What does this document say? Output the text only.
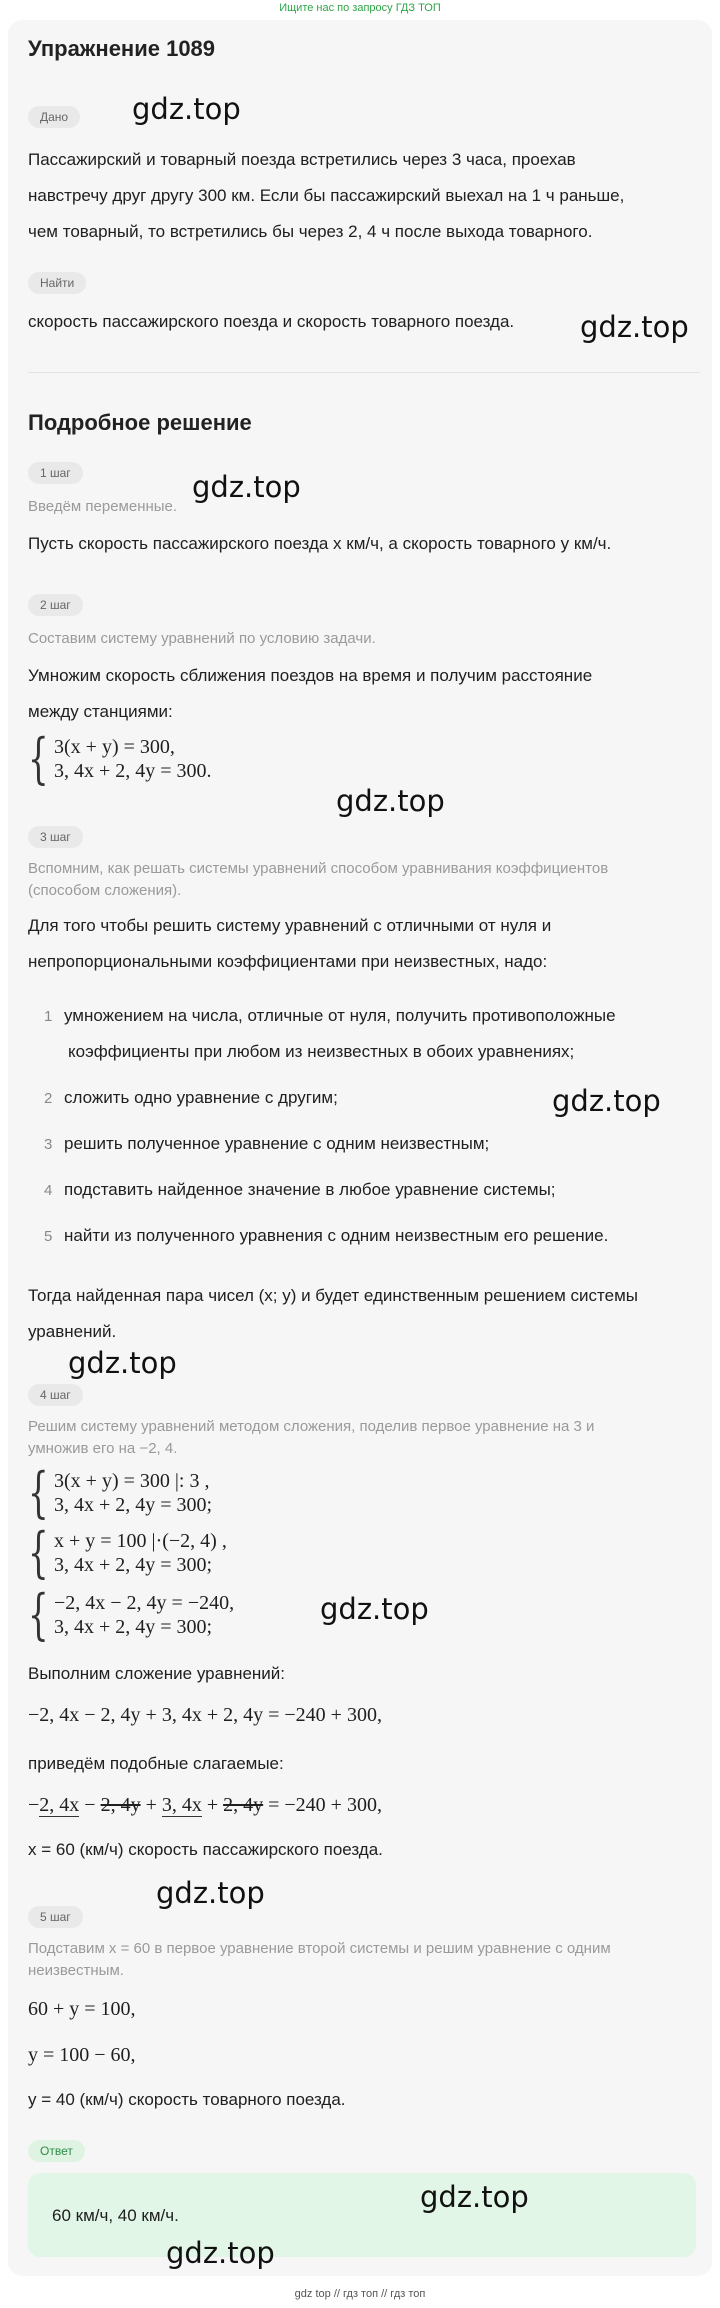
Ищите нас по запросу ГДЗ ТОП
Упражнение 1089
Дано	gdz.top
Пассажирский и товарный поезда встретились через 3 часа, проехав
навстречу друг другу 300 км. Если бы пассажирский выехал на 1 ч раньше,
чем товарный, то встретились бы через 2, 4 ч после выхода товарного.
Найти
скорость пассажирского поезда и скорость товарного поезда.	gdz.top
Подробное решение
1 шаг	gdz.top
Введём переменные.
Пусть скорость пассажирского поезда x км/ч, а скорость товарного y км/ч.
2 шаг
Составим систему уравнений по условию задачи.
Умножим скорость сближения поездов на время и получим расстояние
между станциями:
{ 3(x + y) = 300,
3, 4x + 2, 4y = 300.
gdz.top
3 шаг
Вспомним, как решать системы уравнений способом уравнивания коэффициентов
(способом сложения).
Для того чтобы решить систему уравнений с отличными от нуля и
непропорциональными коэффициентами при неизвестных, надо:
1 умножением на числа, отличные от нуля, получить противоположные
коэффициенты при любом из неизвестных в обоих уравнениях;
2 сложить одно уравнение с другим;	gdz.top
3 решить полученное уравнение с одним неизвестным;
4 подставить найденное значение в любое уравнение системы;
5 найти из полученного уравнения с одним неизвестным его решение.
Тогда найденная пара чисел (x; y) и будет единственным решением системы
уравнений.
gdz.top
4 шаг
Решим систему уравнений методом сложения, поделив первое уравнение на 3 и
умножив его на −2, 4.
{ 3(x + y) = 300 |: 3 ,
3, 4x + 2, 4y = 300;
{ x + y = 100 |·(−2, 4) ,
3, 4x + 2, 4y = 300;
{ −2, 4x − 2, 4y = −240,
3, 4x + 2, 4y = 300;
gdz.top
Выполним сложение уравнений:
−2, 4x − 2, 4y + 3, 4x + 2, 4y = −240 + 300,
приведём подобные слагаемые:
−2, 4x − 2, 4y + 3, 4x + 2, 4y = −240 + 300,
x = 60 (км/ч) скорость пассажирского поезда.
gdz.top
5 шаг
Подставим x = 60 в первое уравнение второй системы и решим уравнение с одним
неизвестным.
60 + y = 100,
y = 100 − 60,
y = 40 (км/ч) скорость товарного поезда.
Ответ
60 км/ч, 40 км/ч.
gdz.top
gdz.top
gdz top // гдз топ // гдз топ
